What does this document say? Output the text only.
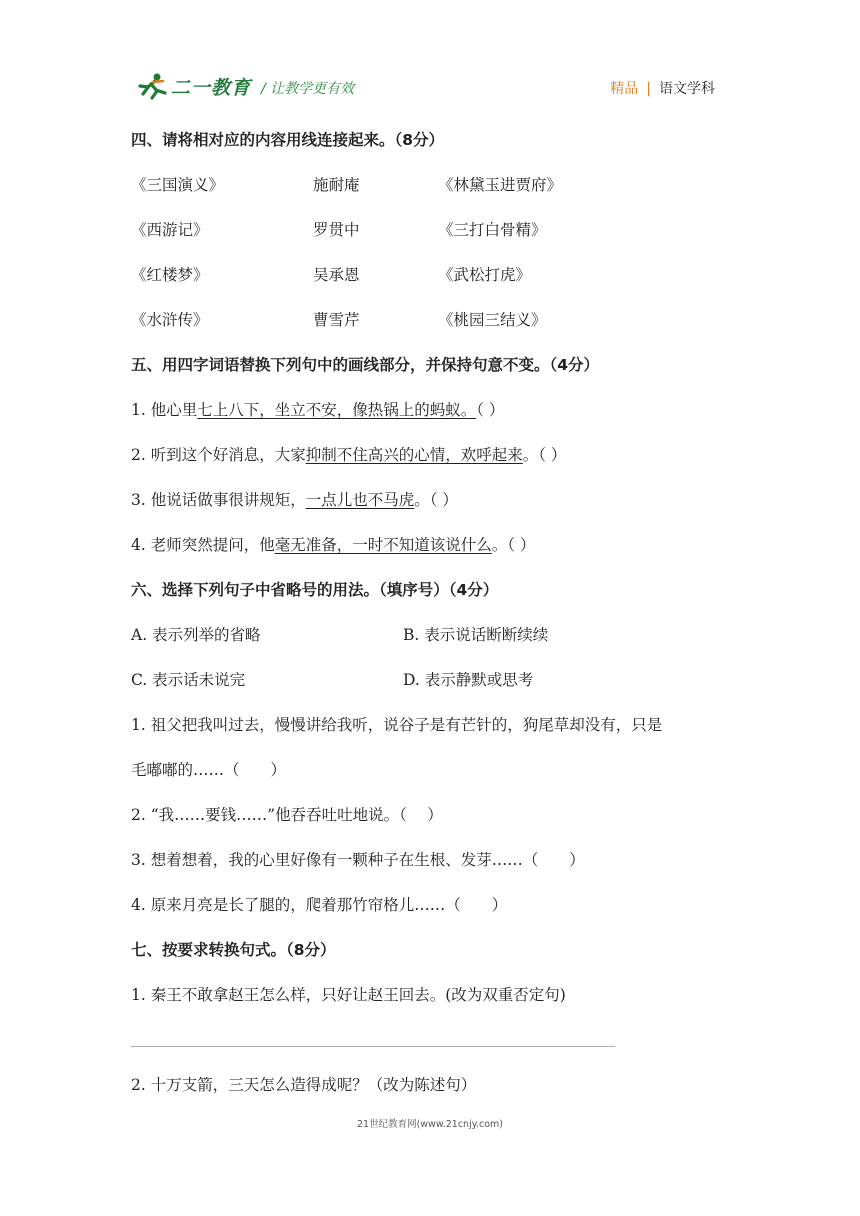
二一教育 / 让教学更有效	精品 | 语文学科
四、请将相对应的内容用线连接起来。（8分）
《三国演义》	施耐庵	《林黛玉进贾府》
《西游记》	罗贯中	《三打白骨精》
《红楼梦》	吴承恩	《武松打虎》
《水浒传》	曹雪芹	《桃园三结义》
五、用四字词语替换下列句中的画线部分，并保持句意不变。（4分）
1. 他心里七上八下，坐立不安，像热锅上的蚂蚁。（ ）
2. 听到这个好消息，大家抑制不住高兴的心情，欢呼起来。（ ）
3. 他说话做事很讲规矩，一点儿也不马虎。（ ）
4. 老师突然提问，他毫无准备，一时不知道该说什么。（ ）
六、选择下列句子中省略号的用法。（填序号）（4分）
A. 表示列举的省略	B. 表示说话断断续续
C. 表示话未说完	D. 表示静默或思考
1. 祖父把我叫过去，慢慢讲给我听，说谷子是有芒针的，狗尾草却没有，只是
毛嘟嘟的……（　　）
2. “我……要钱……”他吞吞吐吐地说。（　 ）
3. 想着想着，我的心里好像有一颗种子在生根、发芽……（　　）
4. 原来月亮是长了腿的，爬着那竹帘格儿……（　　）
七、按要求转换句式。（8分）
1. 秦王不敢拿赵王怎么样，只好让赵王回去。(改为双重否定句)
2. 十万支箭，三天怎么造得成呢？（改为陈述句）
21世纪教育网(www.21cnjy.com)
